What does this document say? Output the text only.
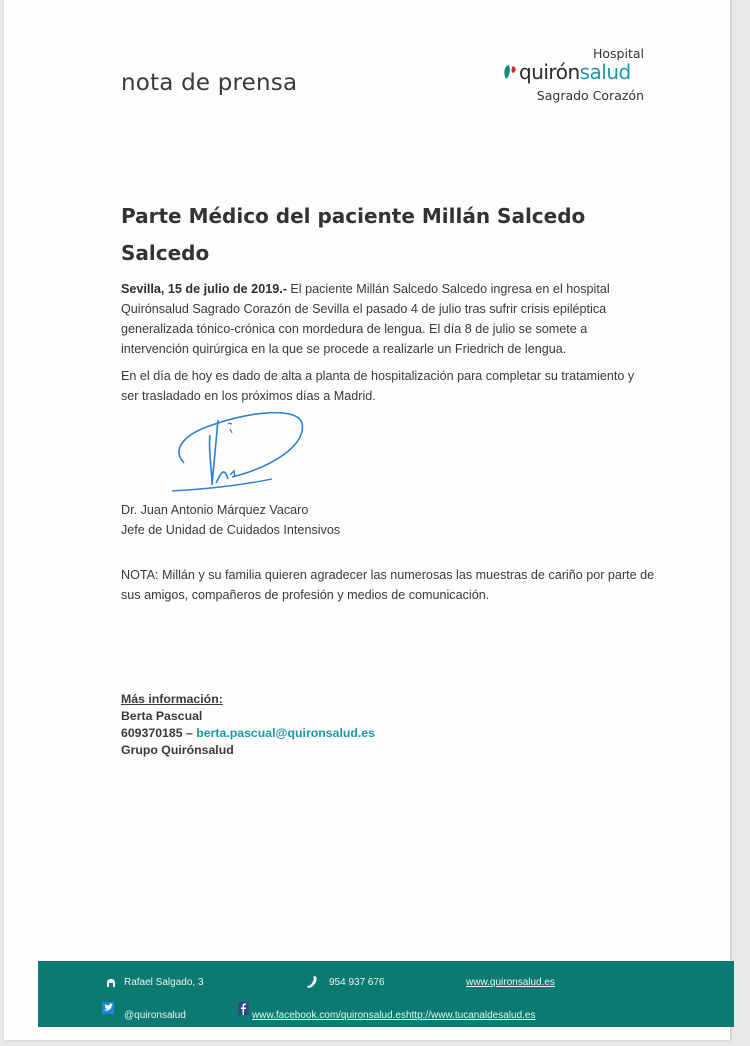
nota de prensa
Hospital
quirónsalud
Sagrado Corazón
Parte Médico del paciente Millán Salcedo Salcedo
Sevilla, 15 de julio de 2019.- El paciente Millán Salcedo Salcedo ingresa en el hospital Quirónsalud Sagrado Corazón de Sevilla el pasado 4 de julio tras sufrir crisis epiléptica generalizada tónico-crónica con mordedura de lengua. El día 8 de julio se somete a intervención quirúrgica en la que se procede a realizarle un Friedrich de lengua.
En el día de hoy es dado de alta a planta de hospitalización para completar su tratamiento y ser trasladado en los próximos días a Madrid.
Dr. Juan Antonio Márquez Vacaro
Jefe de Unidad de Cuidados Intensivos
NOTA: Millán y su familia quieren agradecer las numerosas las muestras de cariño por parte de sus amigos, compañeros de profesión y medios de comunicación.
Más información:
Berta Pascual
609370185 – berta.pascual@quironsalud.es
Grupo Quirónsalud
Rafael Salgado, 3	954 937 676	www.quironsalud.es
@quironsalud	www.facebook.com/quironsalud.eshttp://www.tucanaldesalud.es
